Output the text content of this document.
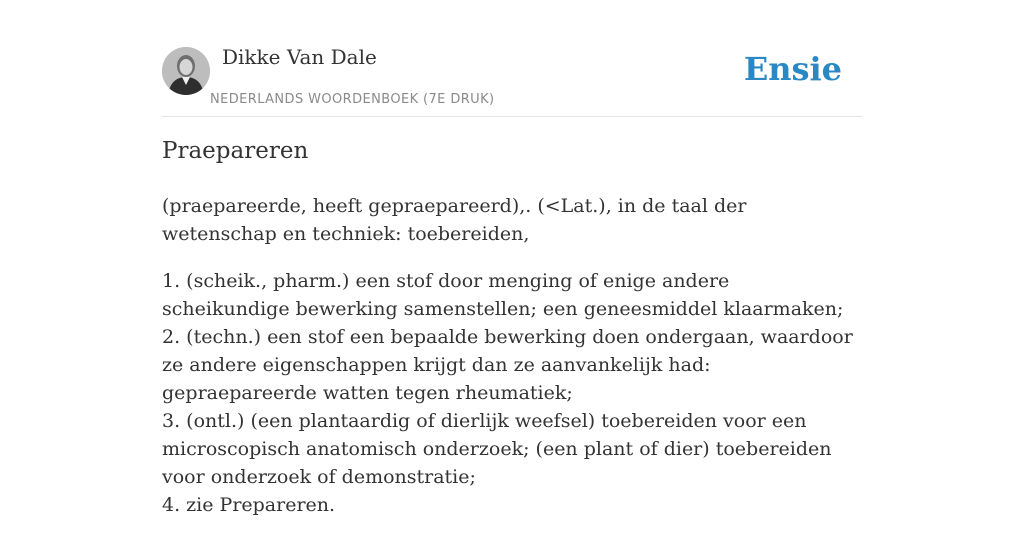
Dikke Van Dale
NEDERLANDS WOORDENBOEK (7E DRUK)
Ensie
Praepareren

(praepareerde, heeft gepraepareerd),. (<Lat.), in de taal der wetenschap en techniek: toebereiden,

1. (scheik., pharm.) een stof door menging of enige andere scheikundige bewerking samenstellen; een geneesmiddel klaarmaken;
2. (techn.) een stof een bepaalde bewerking doen ondergaan, waardoor ze andere eigenschappen krijgt dan ze aanvankelijk had: gepraepareerde watten tegen rheumatiek;
3. (ontl.) (een plantaardig of dierlijk weefsel) toebereiden voor een microscopisch anatomisch onderzoek; (een plant of dier) toebereiden voor onderzoek of demonstratie;
4. zie Prepareren.
